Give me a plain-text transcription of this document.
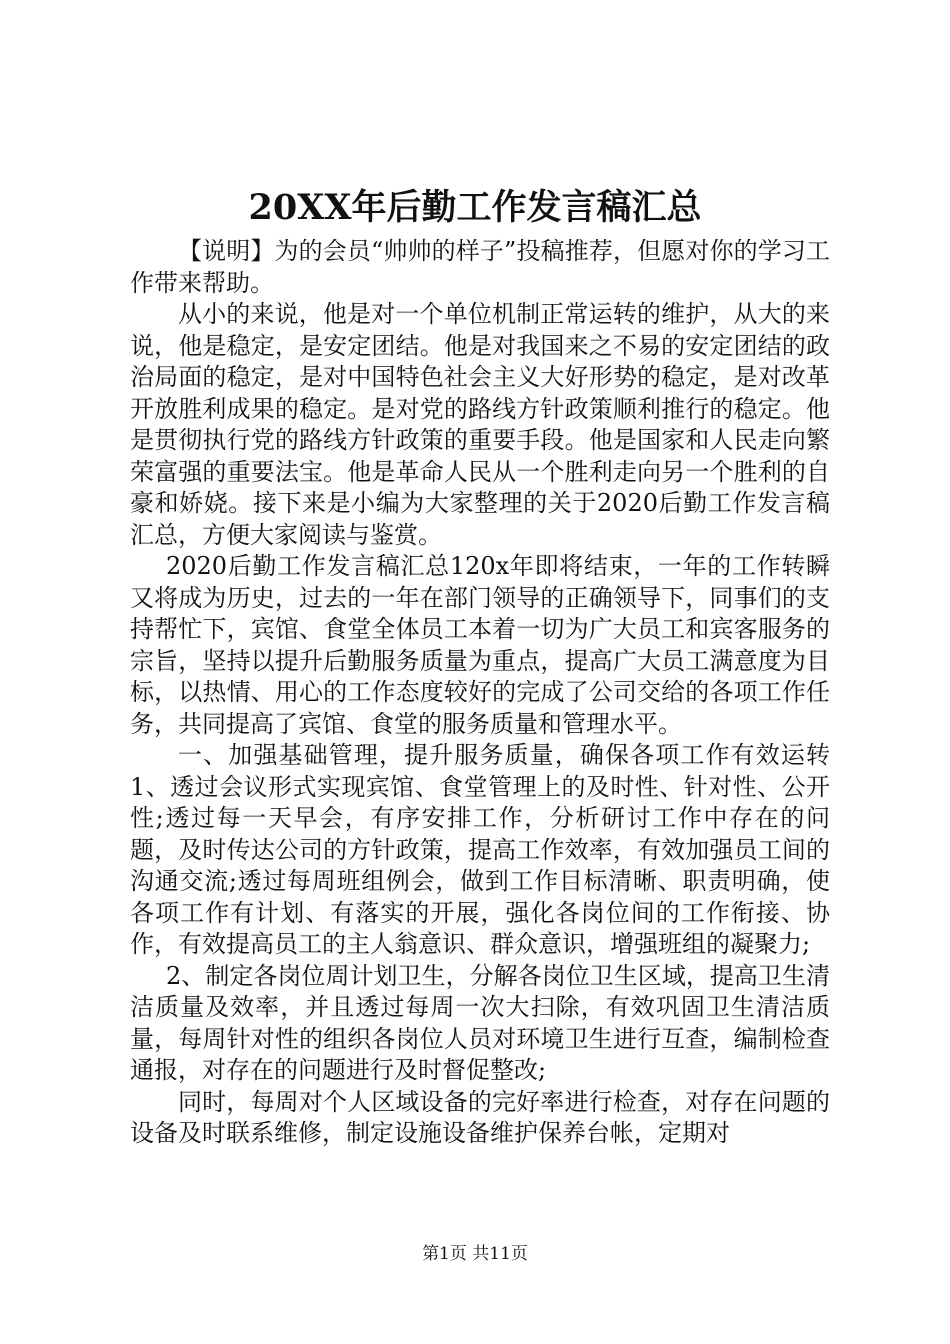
20XX年后勤工作发言稿汇总

【说明】为的会员“帅帅的样子”投稿推荐，但愿对你的学习工作带来帮助。

从小的来说，他是对一个单位机制正常运转的维护，从大的来说，他是稳定，是安定团结。他是对我国来之不易的安定团结的政治局面的稳定，是对中国特色社会主义大好形势的稳定，是对改革开放胜利成果的稳定。是对党的路线方针政策顺利推行的稳定。他是贯彻执行党的路线方针政策的重要手段。他是国家和人民走向繁荣富强的重要法宝。他是革命人民从一个胜利走向另一个胜利的自豪和娇娆。接下来是小编为大家整理的关于2020后勤工作发言稿汇总，方便大家阅读与鉴赏。

2020后勤工作发言稿汇总120x年即将结束，一年的工作转瞬又将成为历史，过去的一年在部门领导的正确领导下，同事们的支持帮忙下，宾馆、食堂全体员工本着一切为广大员工和宾客服务的宗旨，坚持以提升后勤服务质量为重点，提高广大员工满意度为目标，以热情、用心的工作态度较好的完成了公司交给的各项工作任务，共同提高了宾馆、食堂的服务质量和管理水平。

一、加强基础管理，提升服务质量，确保各项工作有效运转1、透过会议形式实现宾馆、食堂管理上的及时性、针对性、公开性;透过每一天早会，有序安排工作，分析研讨工作中存在的问题，及时传达公司的方针政策，提高工作效率，有效加强员工间的沟通交流;透过每周班组例会，做到工作目标清晰、职责明确，使各项工作有计划、有落实的开展，强化各岗位间的工作衔接、协作，有效提高员工的主人翁意识、群众意识，增强班组的凝聚力;

2、制定各岗位周计划卫生，分解各岗位卫生区域，提高卫生清洁质量及效率，并且透过每周一次大扫除，有效巩固卫生清洁质量，每周针对性的组织各岗位人员对环境卫生进行互查，编制检查通报，对存在的问题进行及时督促整改;

同时，每周对个人区域设备的完好率进行检查，对存在问题的设备及时联系维修，制定设施设备维护保养台帐，定期对

第1页 共11页
